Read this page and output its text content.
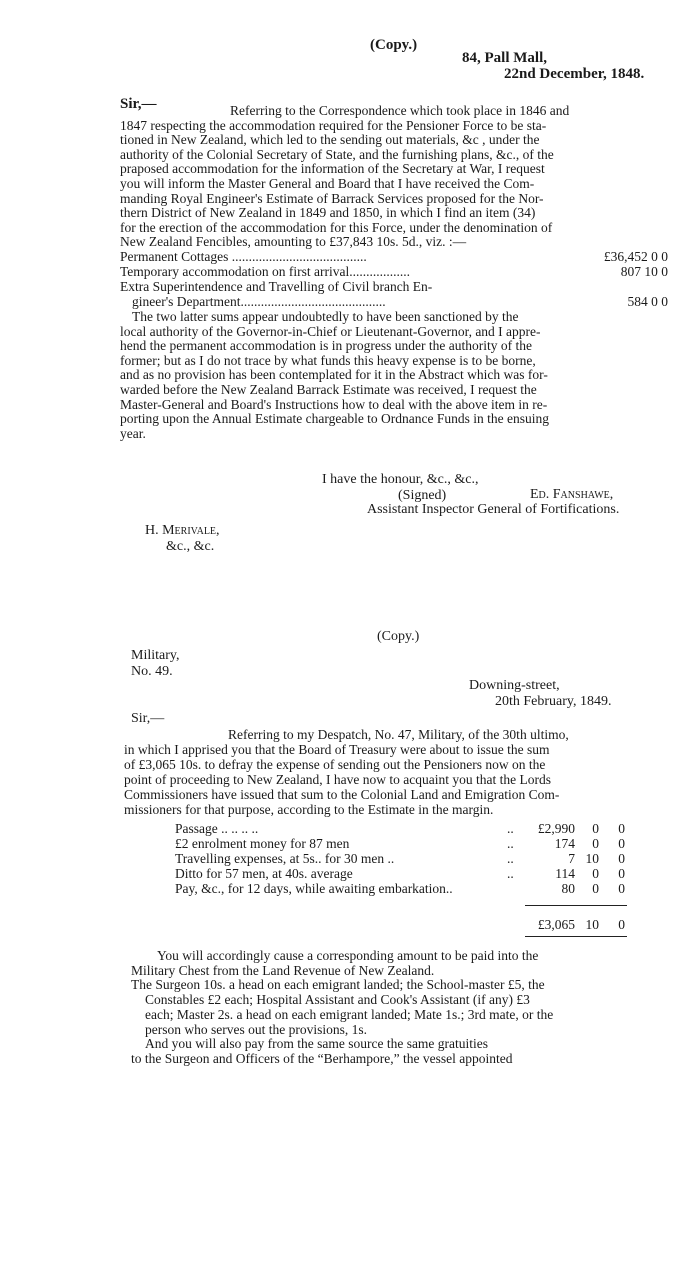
(Copy.)
84, Pall Mall,
22nd December, 1848.
Sir,—	Referring to the Correspondence which took place in 1846 and
1847 respecting the accommodation required for the Pensioner Force to be sta-
tioned in New Zealand, which led to the sending out materials, &c , under the
authority of the Colonial Secretary of State, and the furnishing plans, &c., of the
praposed accommodation for the information of the Secretary at War, I request
you will inform the Master General and Board that I have received the Com-
manding Royal Engineer's Estimate of Barrack Services proposed for the Nor-
thern District of New Zealand in 1849 and 1850, in which I find an item (34)
for the erection of the accommodation for this Force, under the denomination of
New Zealand Fencibles, amounting to £37,843 10s. 5d., viz. :—
Permanent Cottages ........................................	£36,452 0 0
Temporary accommodation on first arrival..................	807 10 0
Extra Superintendence and Travelling of Civil branch En-
gineer's Department...........................................	584 0 0
The two latter sums appear undoubtedly to have been sanctioned by the
local authority of the Governor-in-Chief or Lieutenant-Governor, and I appre-
hend the permanent accommodation is in progress under the authority of the
former; but as I do not trace by what funds this heavy expense is to be borne,
and as no provision has been contemplated for it in the Abstract which was for-
warded before the New Zealand Barrack Estimate was received, I request the
Master-General and Board's Instructions how to deal with the above item in re-
porting upon the Annual Estimate chargeable to Ordnance Funds in the ensuing
year.
I have the honour, &c., &c.,
(Signed)	Ed. Fanshawe,
Assistant Inspector General of Fortifications.
H. Merivale,
&c., &c.
(Copy.)
Military,
No. 49.
Downing-street,
20th February, 1849.
Sir,—
Referring to my Despatch, No. 47, Military, of the 30th ultimo,
in which I apprised you that the Board of Treasury were about to issue the sum
of £3,065 10s. to defray the expense of sending out the Pensioners now on the
point of proceeding to New Zealand, I have now to acquaint you that the Lords
Commissioners have issued that sum to the Colonial Land and Emigration Com-
missioners for that purpose, according to the Estimate in the margin.
Passage .. .. .. ..	.. £2,990	0	0
£2 enrolment money for 87 men	..	174	0	0
Travelling expenses, at 5s.. for 30 men ..	..	7 10	0
Ditto for 57 men, at 40s. average	..	114	0	0
Pay, &c., for 12 days, while awaiting embarkation..	80	0	0
£3,065 10	0
You will accordingly cause a corresponding amount to be paid into the
Military Chest from the Land Revenue of New Zealand.
The Surgeon 10s. a head on each emigrant landed; the School-master £5, the
Constables £2 each; Hospital Assistant and Cook's Assistant (if any) £3
each; Master 2s. a head on each emigrant landed; Mate 1s.; 3rd mate, or the
person who serves out the provisions, 1s.
And you will also pay from the same source the same gratuities
to the Surgeon and Officers of the “Berhampore,” the vessel appointed
